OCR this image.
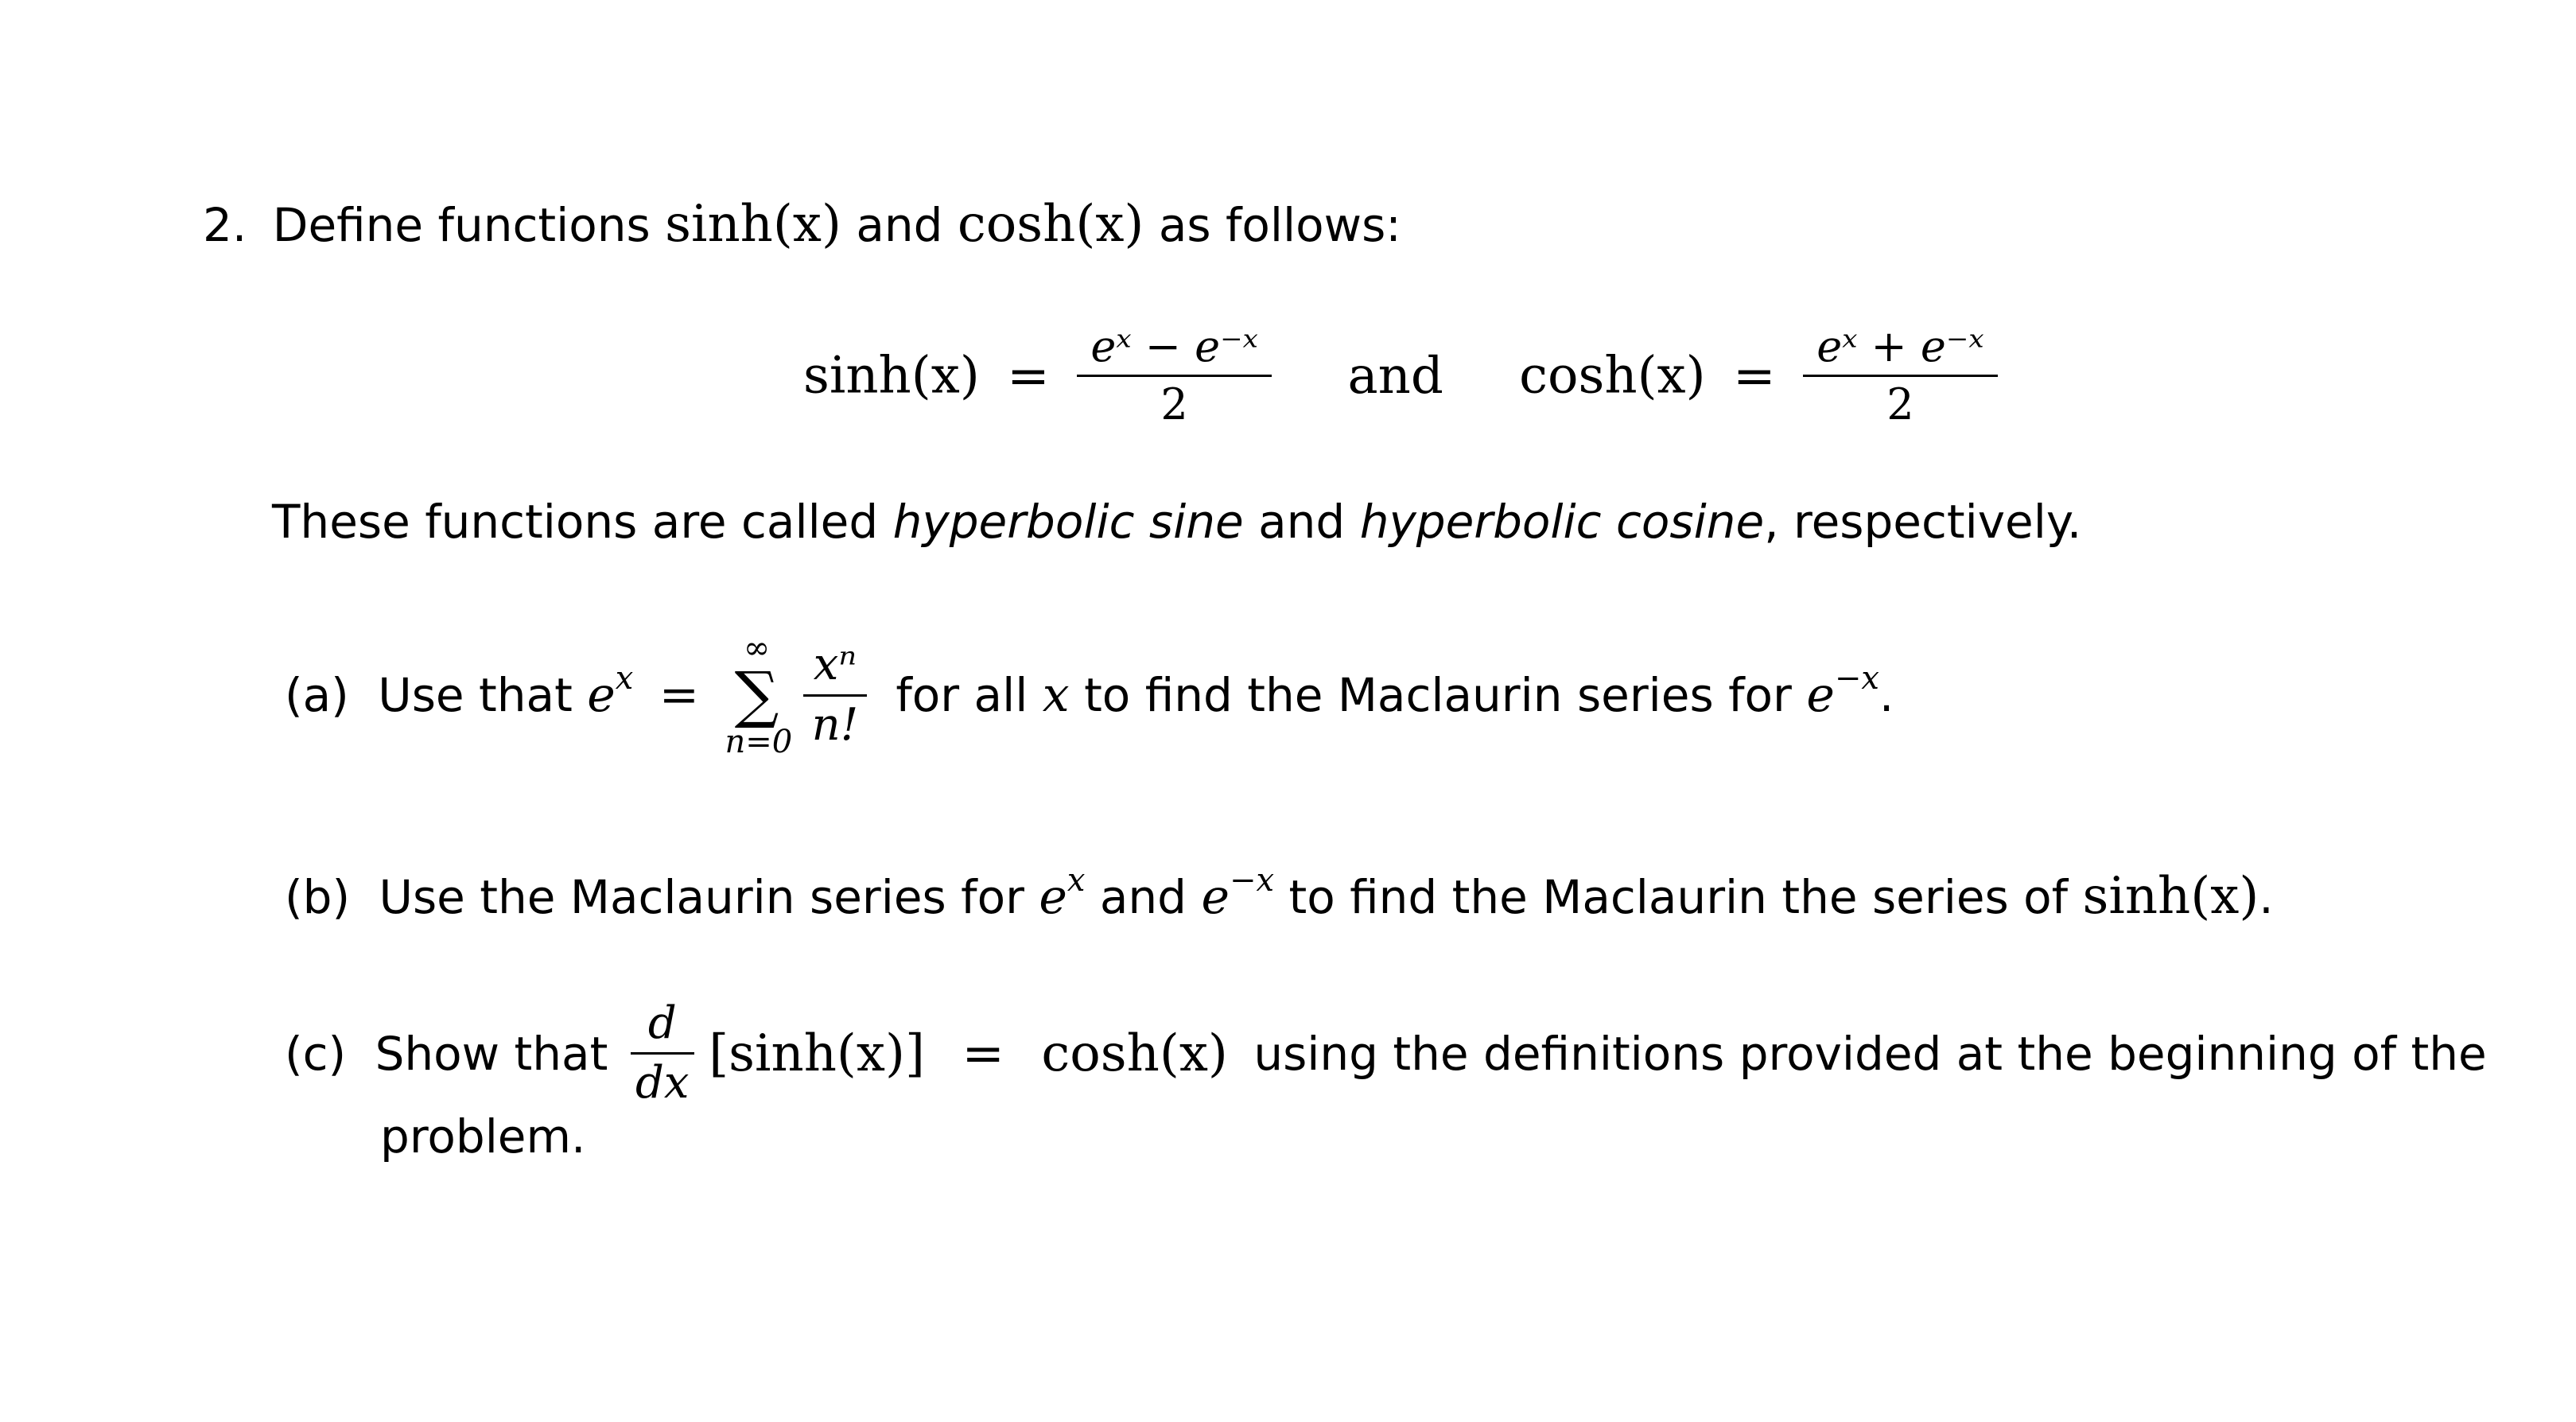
2. Define functions sinh(x) and cosh(x) as follows:
$\sinh(x) = \frac{\text{eˣ − e⁻ˣ}}{2}$ and $\cosh(x) = \frac{\text{eˣ + e⁻ˣ}}{2}$
These functions are called hyperbolic sine and hyperbolic cosine, respectively.
(a) Use that $e^x$ =
∞
∑
n=0
$\frac{\text{xⁿ}}{n!}$ for all x to find the Maclaurin series for $e^{-x}$.
(b) Use the Maclaurin series for $e^x$ and $e^{-x}$ to find the Maclaurin the series of sinh(x).
(c) Show that $\frac{d}{dx} [\sinh(x)] = \cosh(x)$ using the definitions provided at the beginning of the
problem.
